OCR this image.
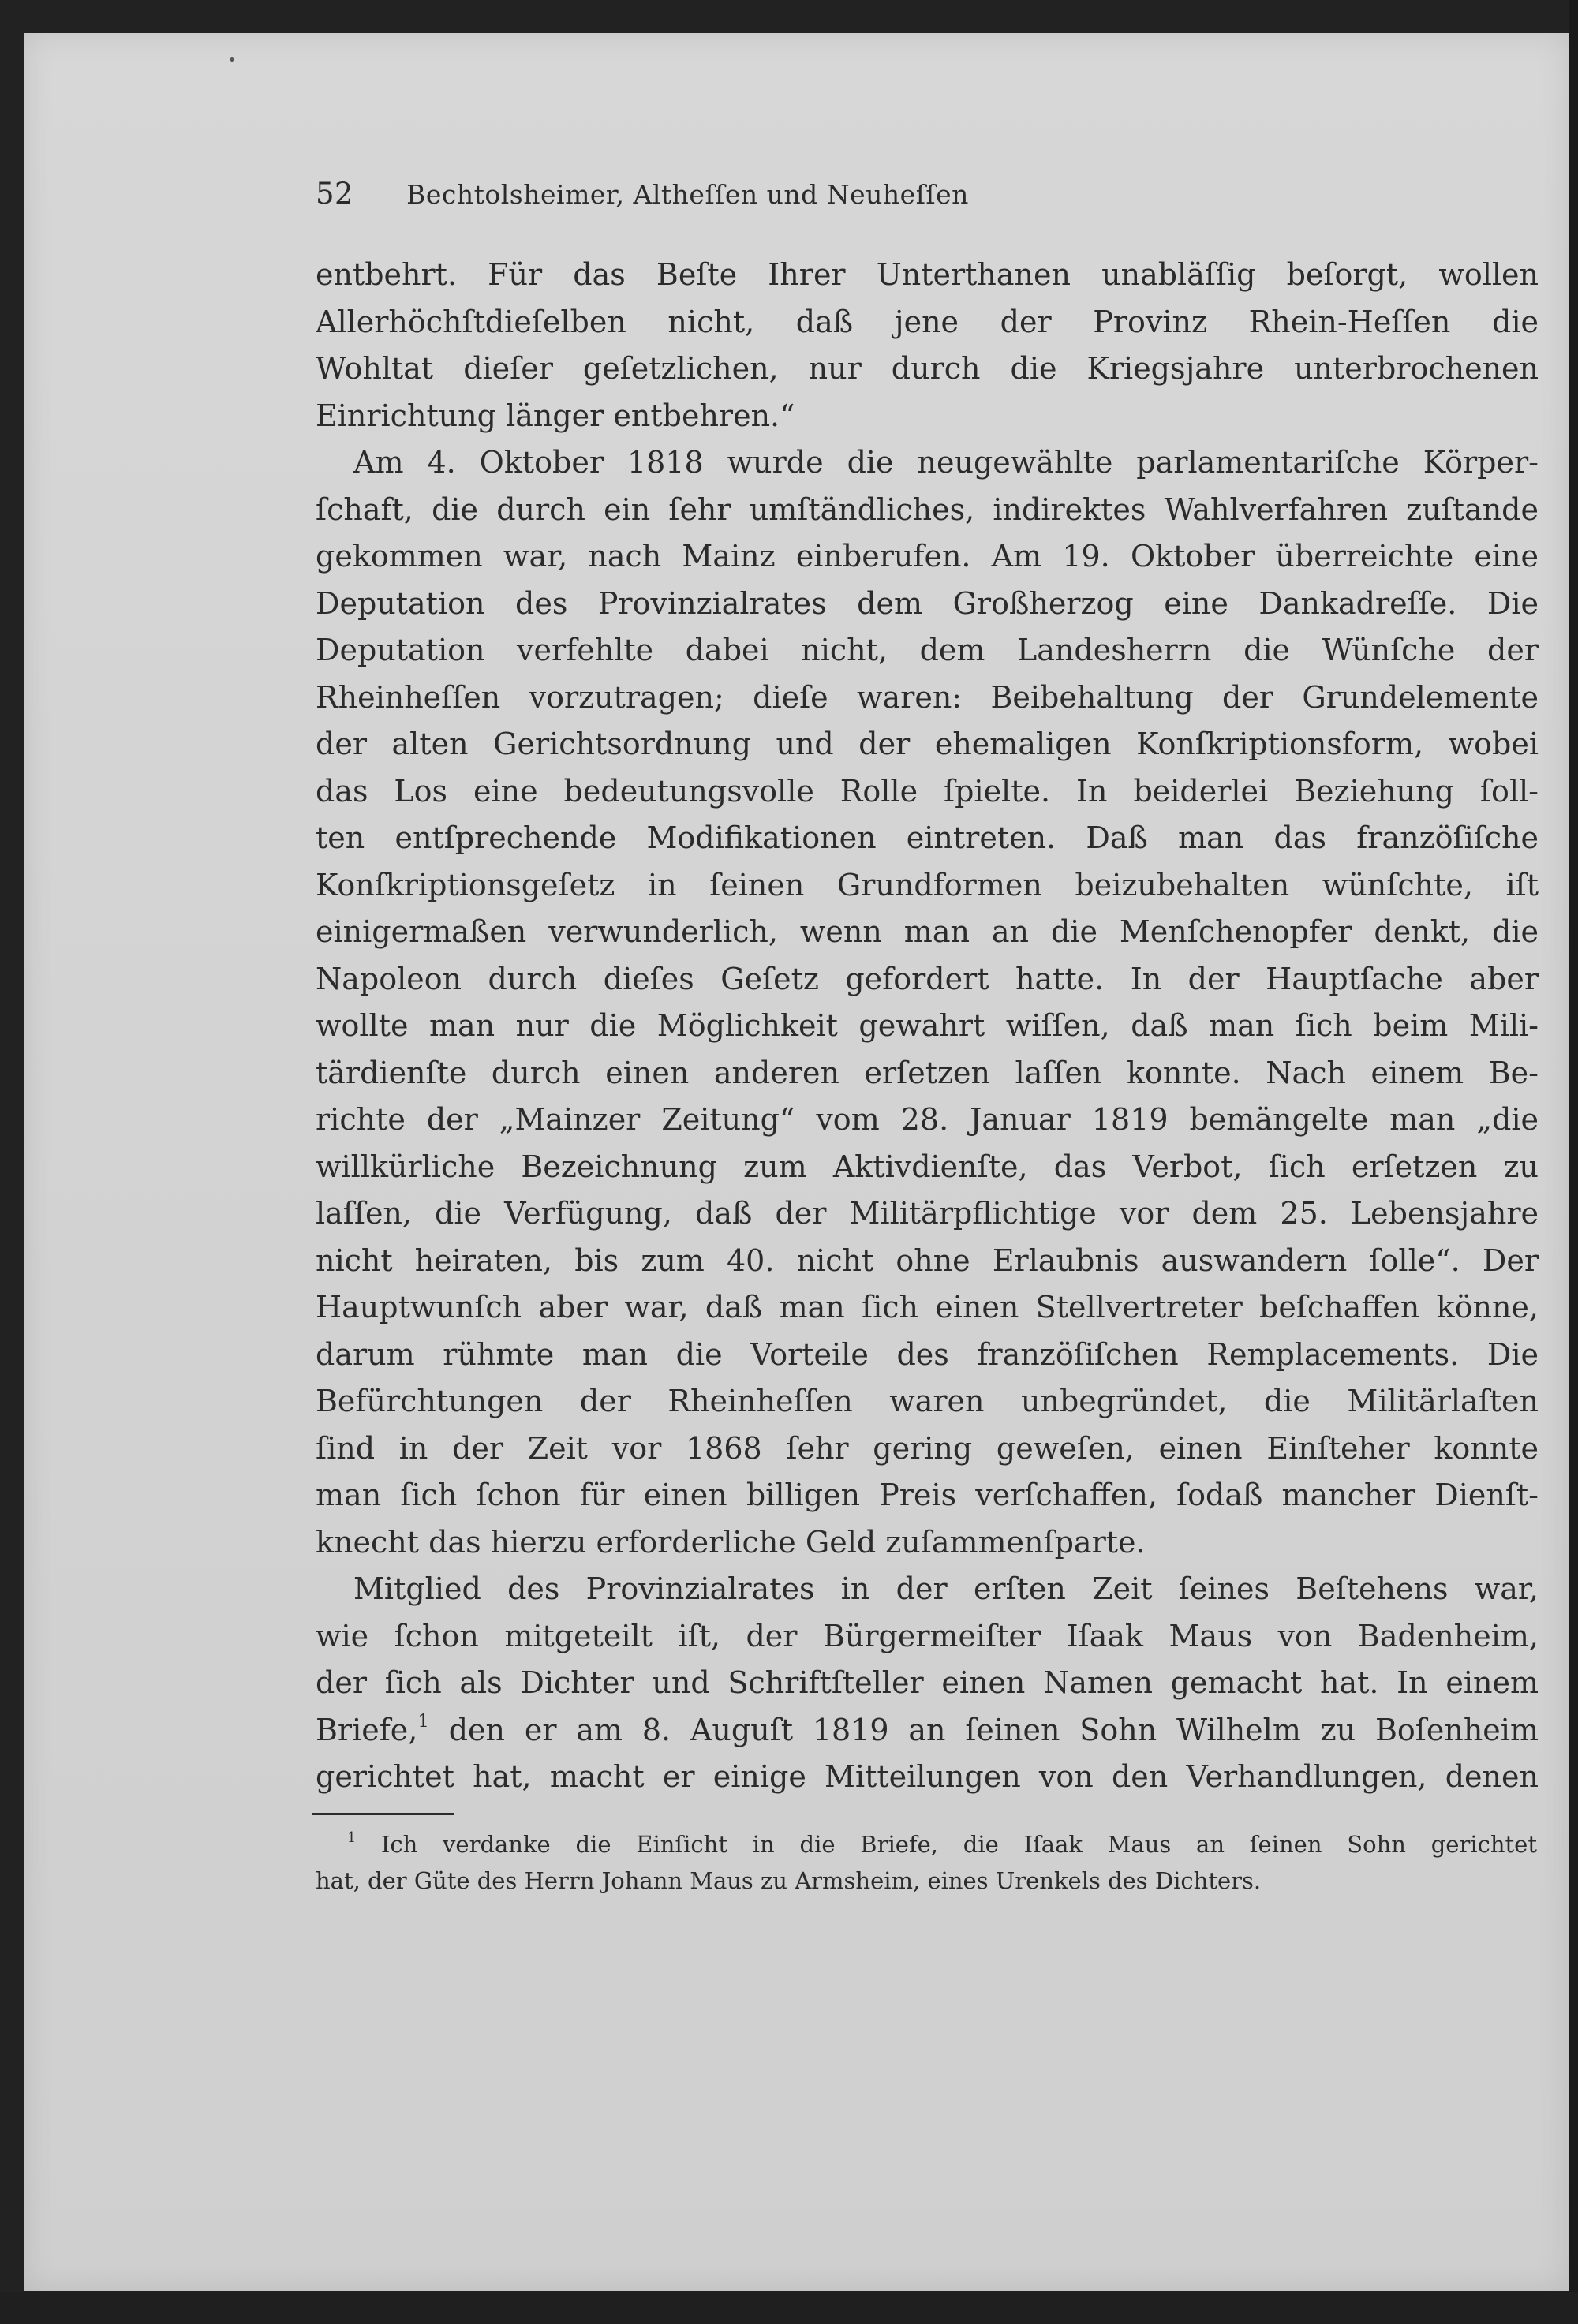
52 Bechtolsheimer, Altheſſen und Neuheſſen
entbehrt. Für das Beſte Ihrer Unterthanen unabläſſig beſorgt, wollen
Allerhöchſtdieſelben nicht, daß jene der Provinz Rhein-Heſſen die
Wohltat dieſer geſetzlichen, nur durch die Kriegsjahre unterbrochenen
Einrichtung länger entbehren.“
Am 4. Oktober 1818 wurde die neugewählte parlamentariſche Körper-
ſchaft, die durch ein ſehr umſtändliches, indirektes Wahlverfahren zuſtande
gekommen war, nach Mainz einberufen. Am 19. Oktober überreichte eine
Deputation des Provinzialrates dem Großherzog eine Dankadreſſe. Die
Deputation verfehlte dabei nicht, dem Landesherrn die Wünſche der
Rheinheſſen vorzutragen; dieſe waren: Beibehaltung der Grundelemente
der alten Gerichtsordnung und der ehemaligen Konſkriptionsform, wobei
das Los eine bedeutungsvolle Rolle ſpielte. In beiderlei Beziehung ſoll-
ten entſprechende Modifikationen eintreten. Daß man das franzöſiſche
Konſkriptionsgeſetz in ſeinen Grundformen beizubehalten wünſchte, iſt
einigermaßen verwunderlich, wenn man an die Menſchenopfer denkt, die
Napoleon durch dieſes Geſetz gefordert hatte. In der Hauptſache aber
wollte man nur die Möglichkeit gewahrt wiſſen, daß man ſich beim Mili-
tärdienſte durch einen anderen erſetzen laſſen konnte. Nach einem Be-
richte der „Mainzer Zeitung“ vom 28. Januar 1819 bemängelte man „die
willkürliche Bezeichnung zum Aktivdienſte, das Verbot, ſich erſetzen zu
laſſen, die Verfügung, daß der Militärpflichtige vor dem 25. Lebensjahre
nicht heiraten, bis zum 40. nicht ohne Erlaubnis auswandern ſolle“. Der
Hauptwunſch aber war, daß man ſich einen Stellvertreter beſchaffen könne,
darum rühmte man die Vorteile des franzöſiſchen Remplacements. Die
Befürchtungen der Rheinheſſen waren unbegründet, die Militärlaſten
ſind in der Zeit vor 1868 ſehr gering geweſen, einen Einſteher konnte
man ſich ſchon für einen billigen Preis verſchaffen, ſodaß mancher Dienſt-
knecht das hierzu erforderliche Geld zuſammenſparte.
Mitglied des Provinzialrates in der erſten Zeit ſeines Beſtehens war,
wie ſchon mitgeteilt iſt, der Bürgermeiſter Iſaak Maus von Badenheim,
der ſich als Dichter und Schriftſteller einen Namen gemacht hat. In einem
Briefe,$^1$ den er am 8. Auguſt 1819 an ſeinen Sohn Wilhelm zu Boſenheim
gerichtet hat, macht er einige Mitteilungen von den Verhandlungen, denen
$^1$ Ich verdanke die Einſicht in die Briefe, die Iſaak Maus an ſeinen Sohn gerichtet
hat, der Güte des Herrn Johann Maus zu Armsheim, eines Urenkels des Dichters.
